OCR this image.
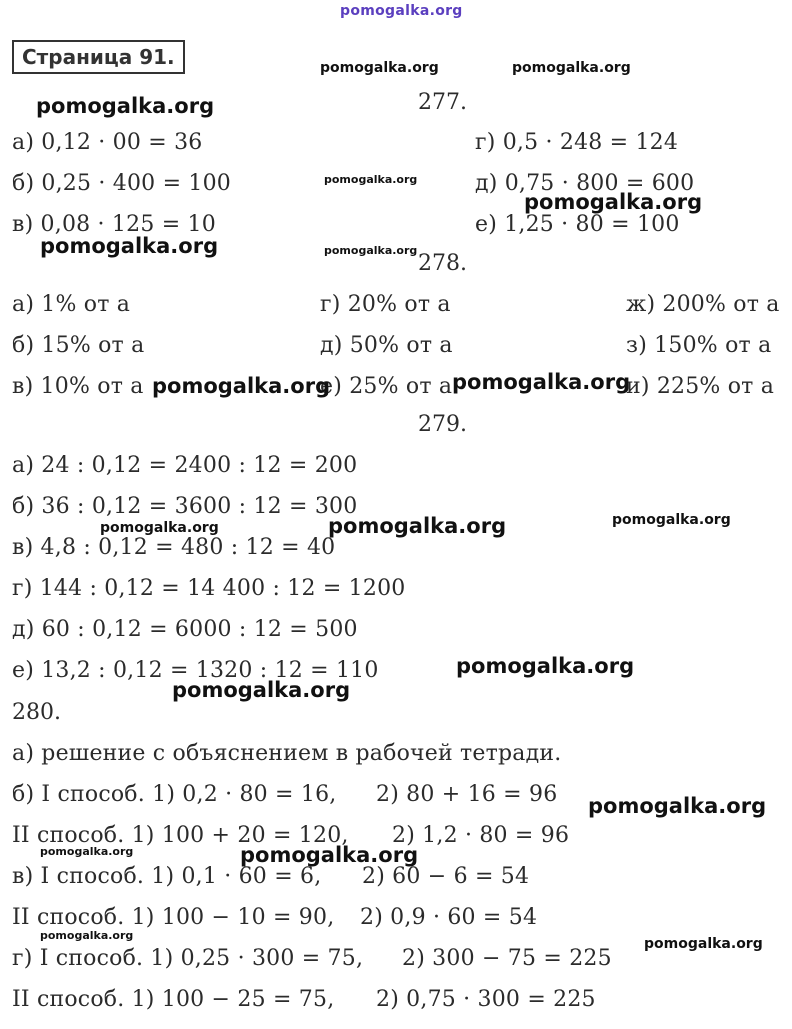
pomogalka.org
Страница 91.
277.
а) 0,12 · 00 = 36
б) 0,25 · 400 = 100
в) 0,08 · 125 = 10
г) 0,5 · 248 = 124
д) 0,75 · 800 = 600
е) 1,25 · 80 = 100
278.
а) 1% от a
б) 15% от a
в) 10% от a
г) 20% от a
д) 50% от a
е) 25% от a
ж) 200% от a
з) 150% от a
и) 225% от a
279.
а) 24 : 0,12 = 2400 : 12 = 200
б) 36 : 0,12 = 3600 : 12 = 300
в) 4,8 : 0,12 = 480 : 12 = 40
г) 144 : 0,12 = 14 400 : 12 = 1200
д) 60 : 0,12 = 6000 : 12 = 500
е) 13,2 : 0,12 = 1320 : 12 = 110
280.
а) решение с объяснением в рабочей тетради.
б) I способ. 1) 0,2 · 80 = 16, 2) 80 + 16 = 96
II способ. 1) 100 + 20 = 120, 2) 1,2 · 80 = 96
в) I способ. 1) 0,1 · 60 = 6, 2) 60 − 6 = 54
II способ. 1) 100 − 10 = 90, 2) 0,9 · 60 = 54
г) I способ. 1) 0,25 · 300 = 75, 2) 300 − 75 = 225
II способ. 1) 100 − 25 = 75, 2) 0,75 · 300 = 225
pomogalka.org	pomogalka.org
pomogalka.org
pomogalka.org
pomogalka.org
pomogalka.org	pomogalka.org
pomogalka.org	pomogalka.org
pomogalka.org	pomogalka.org	pomogalka.org
pomogalka.org
pomogalka.org
pomogalka.org
pomogalka.org	pomogalka.org
pomogalka.org
pomogalka.org
